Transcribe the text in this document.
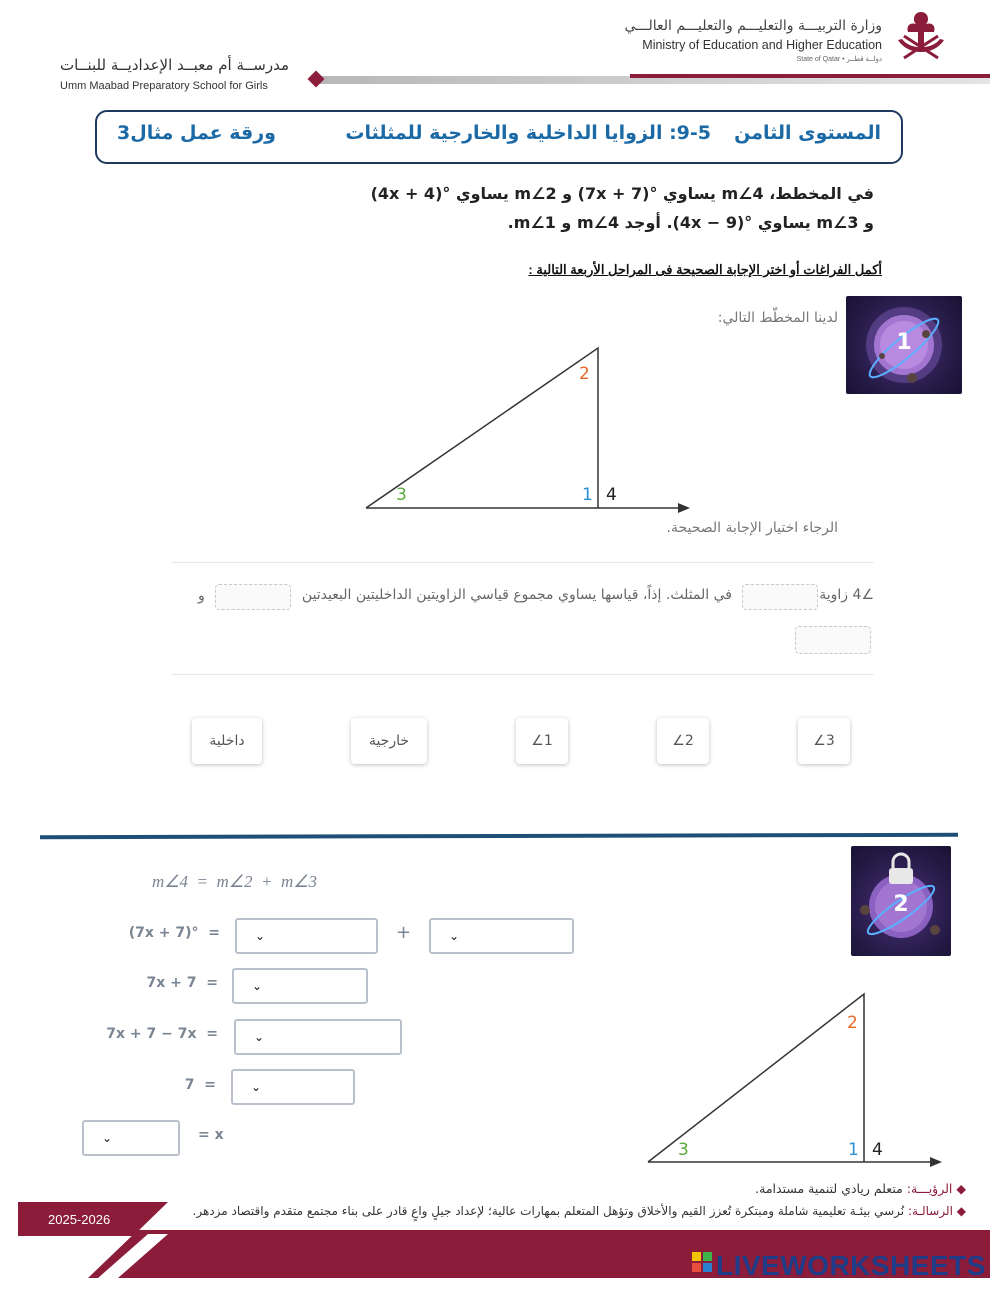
وزارة التربيـــة والتعليـــم والتعليـــم العالـــي
Ministry of Education and Higher Education
State of Qatar • دولــة قطــر
مدرســة أم معبــد الإعداديــة للبنــات
Umm Maabad Preparatory School for Girls
المستوى الثامن
9-5: الزوايا الداخلية والخارجية للمثلثات
ورقة عمل مثال3
في المخطط، m∠4 يساوي °(7x + 7) و m∠2 يساوي °(4x + 4)
و m∠3 يساوي °(4x − 9). أوجد m∠4 و m∠1.
أكمل الفراغات أو اختر الإجابة الصحيحة فى المراحل الأربعة التالية :
1
لدينا المخطّط التالي:
2
3	1 4
الرجاء اختيار الإجابة الصحيحة.
∠4 زاوية
في المثلث. إذاً، قياسها يساوي مجموع قياسي الزاويتين الداخليتين البعيدتين
و
∠3
∠2
∠1
خارجية
داخلية
2
m∠4  =  m∠2  +  m∠3
(7x + 7)°  =	⌄	+	⌄
7x + 7  =	⌄
7x + 7 − 7x  =	⌄
7  =	⌄
⌄	= x
2
3	1 4
◆ الرؤيـــة: متعلم ريادي لتنمية مستدامة.
◆ الرسالـة: نُرسي بيئـة تعليمية شاملة ومبتكرة تُعزز القيم والأخلاق وتؤهل المتعلم بمهارات عالية؛ لإعداد جيلٍ واعٍ قادر على بناء مجتمع متقدم واقتصاد مزدهر.
2025-2026
LIVEWORKSHEETS
